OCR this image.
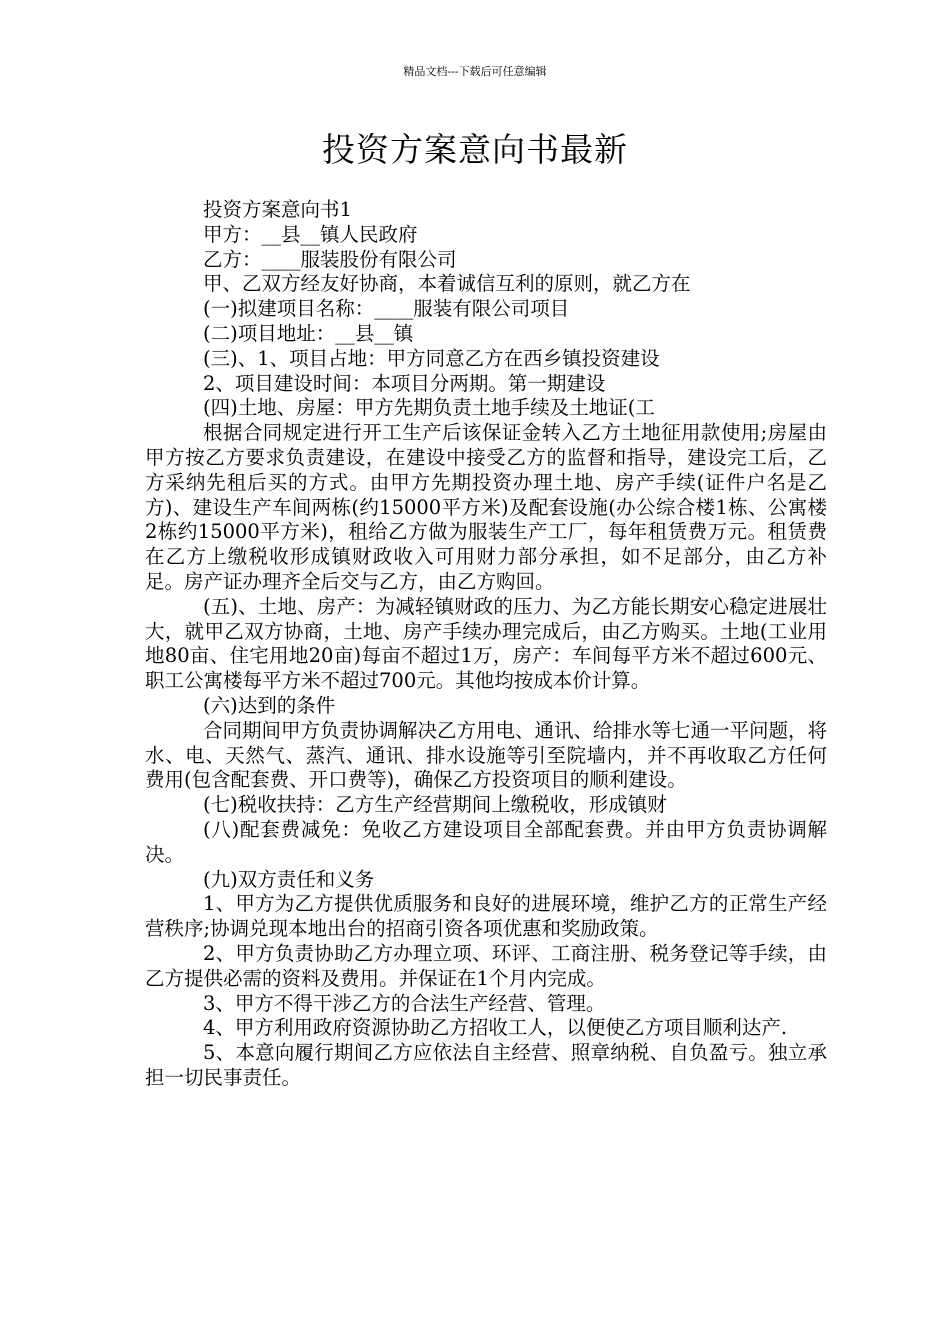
精品文档---下载后可任意编辑
投资方案意向书最新

投资方案意向书1

甲方：__县__镇人民政府

乙方：____服装股份有限公司

甲、乙双方经友好协商，本着诚信互利的原则，就乙方在

(一)拟建项目名称：____服装有限公司项目

(二)项目地址：__县__镇

(三)、1、项目占地：甲方同意乙方在西乡镇投资建设

2、项目建设时间：本项目分两期。第一期建设

(四)土地、房屋：甲方先期负责土地手续及土地证(工

根据合同规定进行开工生产后该保证金转入乙方土地征用款使用;房屋由甲方按乙方要求负责建设，在建设中接受乙方的监督和指导，建设完工后，乙方采纳先租后买的方式。由甲方先期投资办理土地、房产手续(证件户名是乙方)、建设生产车间两栋(约15000平方米)及配套设施(办公综合楼1栋、公寓楼2栋约15000平方米)，租给乙方做为服装生产工厂，每年租赁费万元。租赁费在乙方上缴税收形成镇财政收入可用财力部分承担，如不足部分，由乙方补足。房产证办理齐全后交与乙方，由乙方购回。

(五)、土地、房产：为减轻镇财政的压力、为乙方能长期安心稳定进展壮大，就甲乙双方协商，土地、房产手续办理完成后，由乙方购买。土地(工业用地80亩、住宅用地20亩)每亩不超过1万，房产：车间每平方米不超过600元、职工公寓楼每平方米不超过700元。其他均按成本价计算。

(六)达到的条件

合同期间甲方负责协调解决乙方用电、通讯、给排水等七通一平问题，将水、电、天然气、蒸汽、通讯、排水设施等引至院墙内，并不再收取乙方任何费用(包含配套费、开口费等)，确保乙方投资项目的顺利建设。

(七)税收扶持：乙方生产经营期间上缴税收，形成镇财

(八)配套费减免：免收乙方建设项目全部配套费。并由甲方负责协调解决。

(九)双方责任和义务

1、甲方为乙方提供优质服务和良好的进展环境，维护乙方的正常生产经营秩序;协调兑现本地出台的招商引资各项优惠和奖励政策。

2、甲方负责协助乙方办理立项、环评、工商注册、税务登记等手续，由乙方提供必需的资料及费用。并保证在1个月内完成。

3、甲方不得干涉乙方的合法生产经营、管理。

4、甲方利用政府资源协助乙方招收工人，以便使乙方项目顺利达产.

5、本意向履行期间乙方应依法自主经营、照章纳税、自负盈亏。独立承担一切民事责任。
